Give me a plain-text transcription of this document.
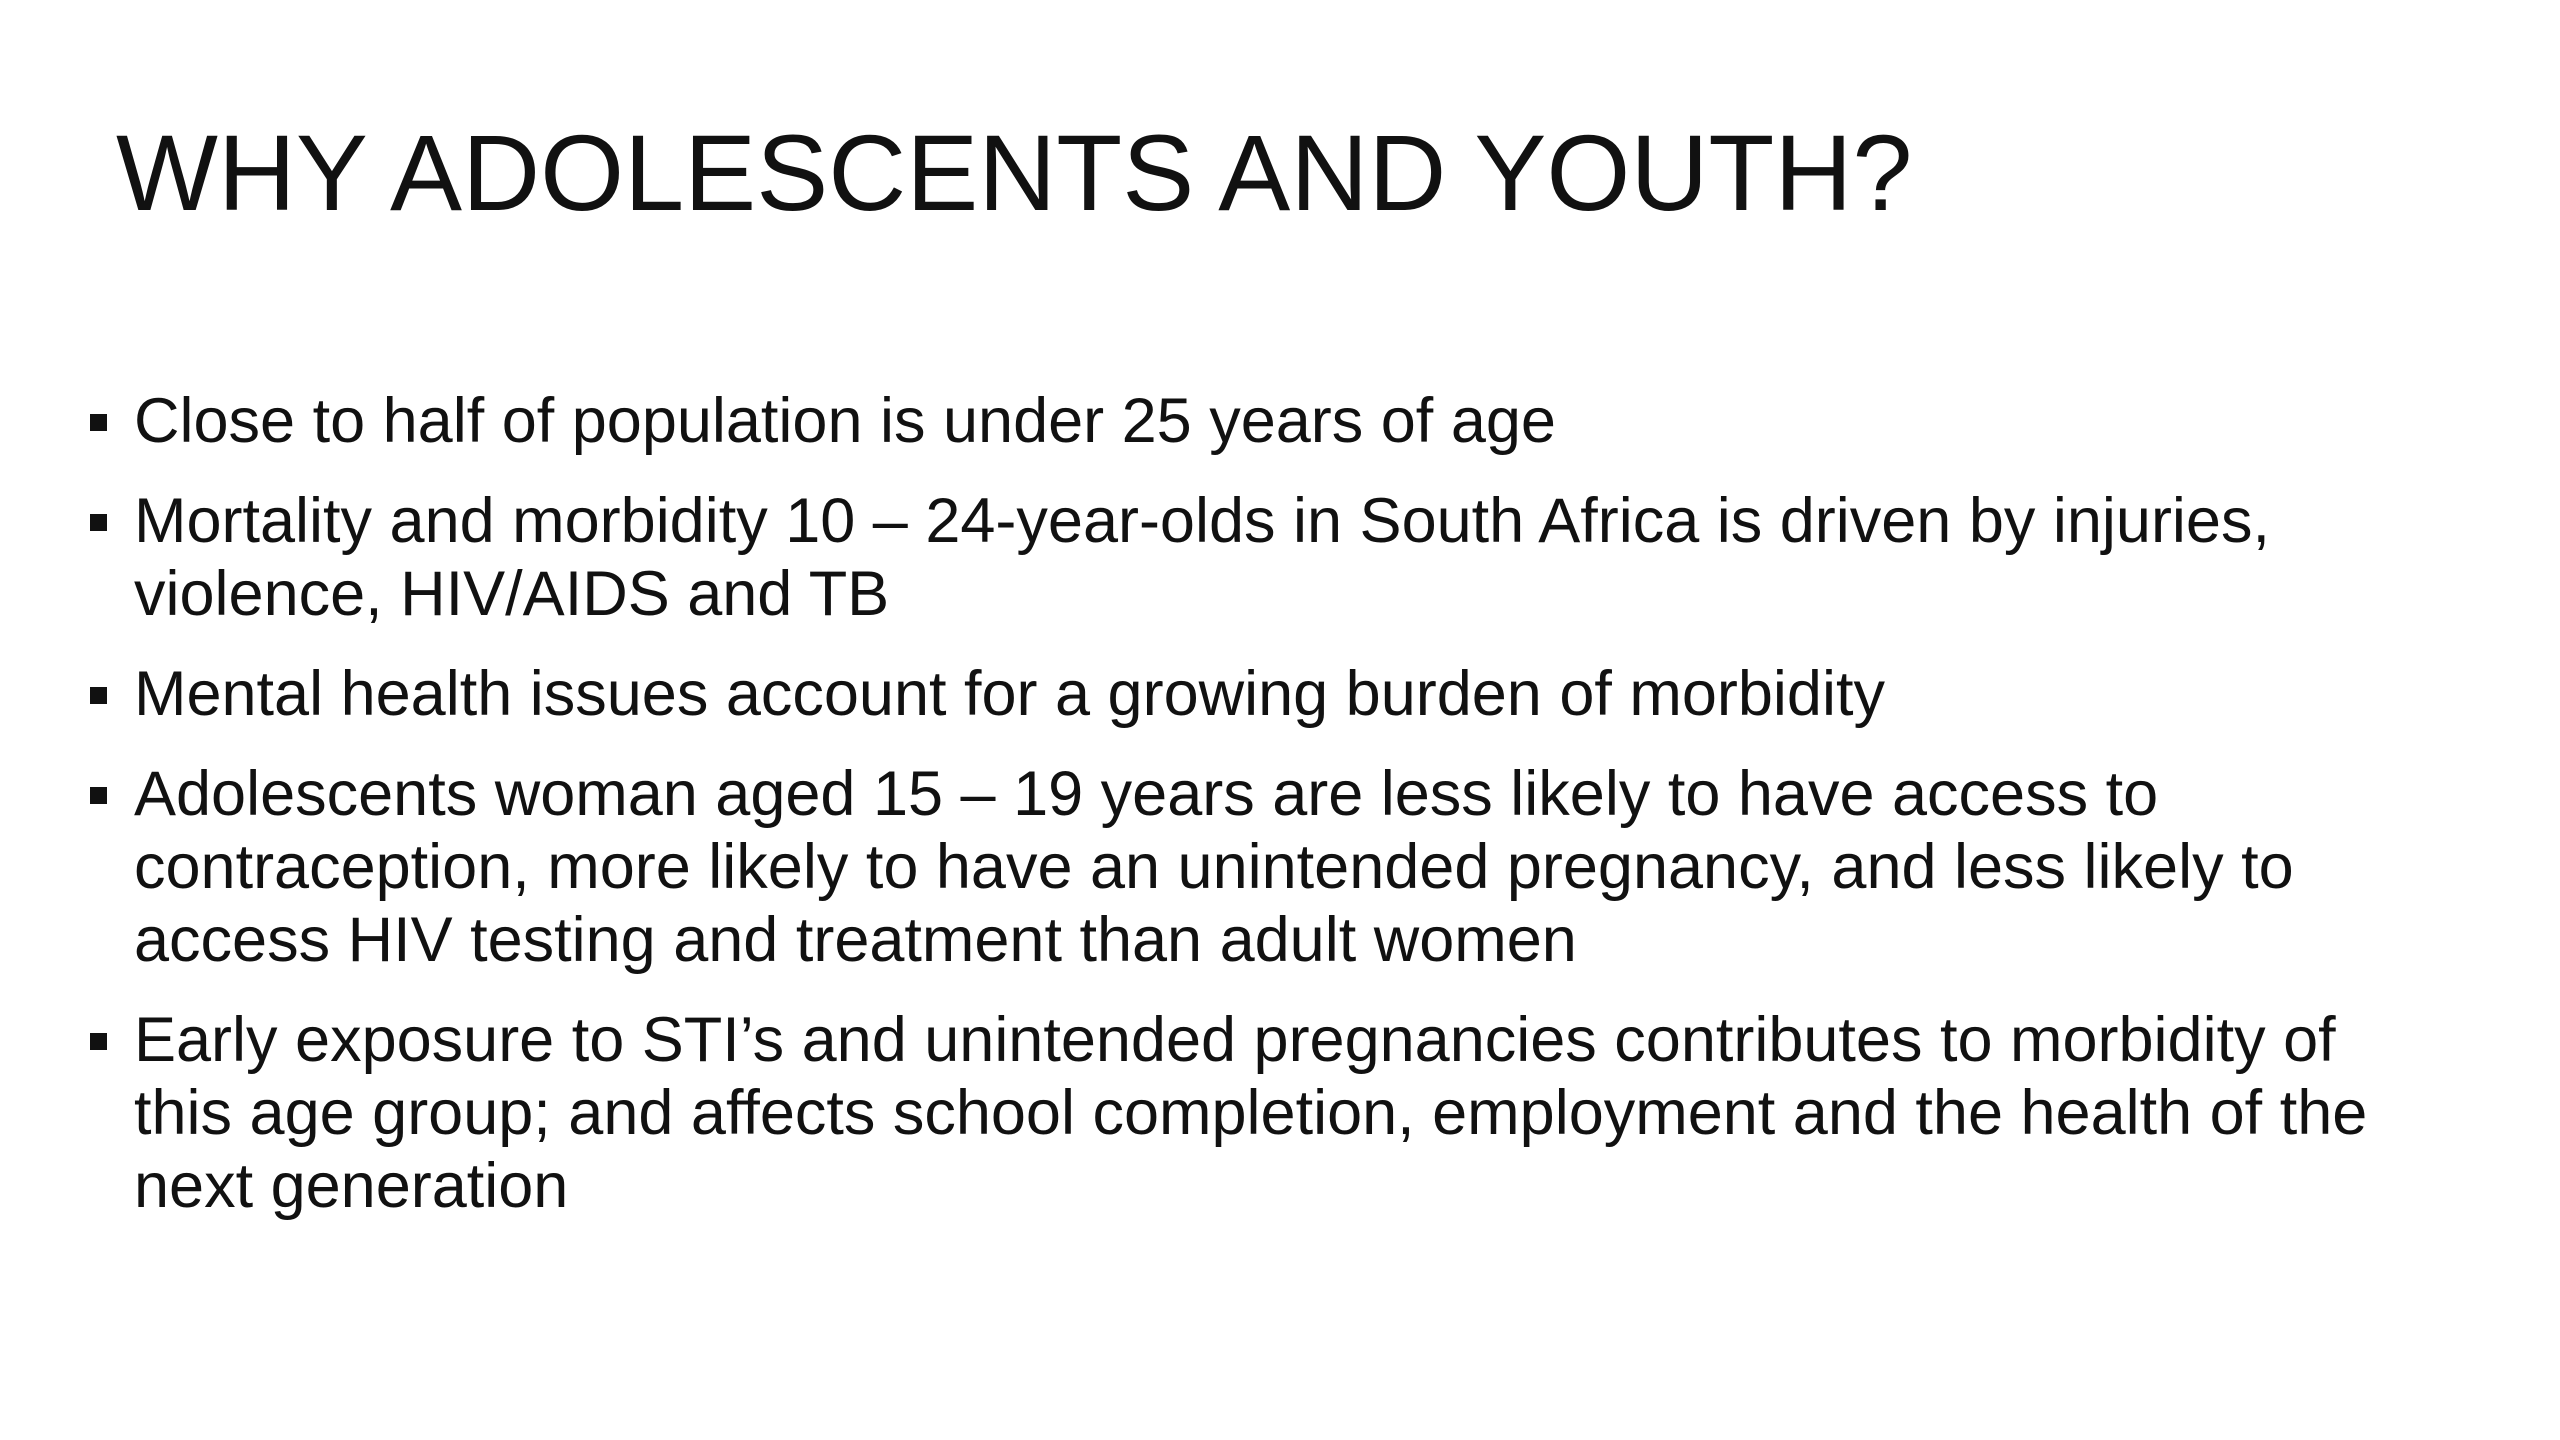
WHY ADOLESCENTS AND YOUTH?
Close to half of population is under 25 years of age
Mortality and morbidity 10 – 24-year-olds in South Africa is driven by injuries, violence, HIV/AIDS and TB
Mental health issues account for a growing burden of morbidity
Adolescents woman aged 15 – 19 years are less likely to have access to contraception, more likely to have an unintended pregnancy, and less likely to access HIV testing and treatment than adult women
Early exposure to STI’s and unintended pregnancies contributes to morbidity of this age group; and affects school completion, employment and the health of the next generation
